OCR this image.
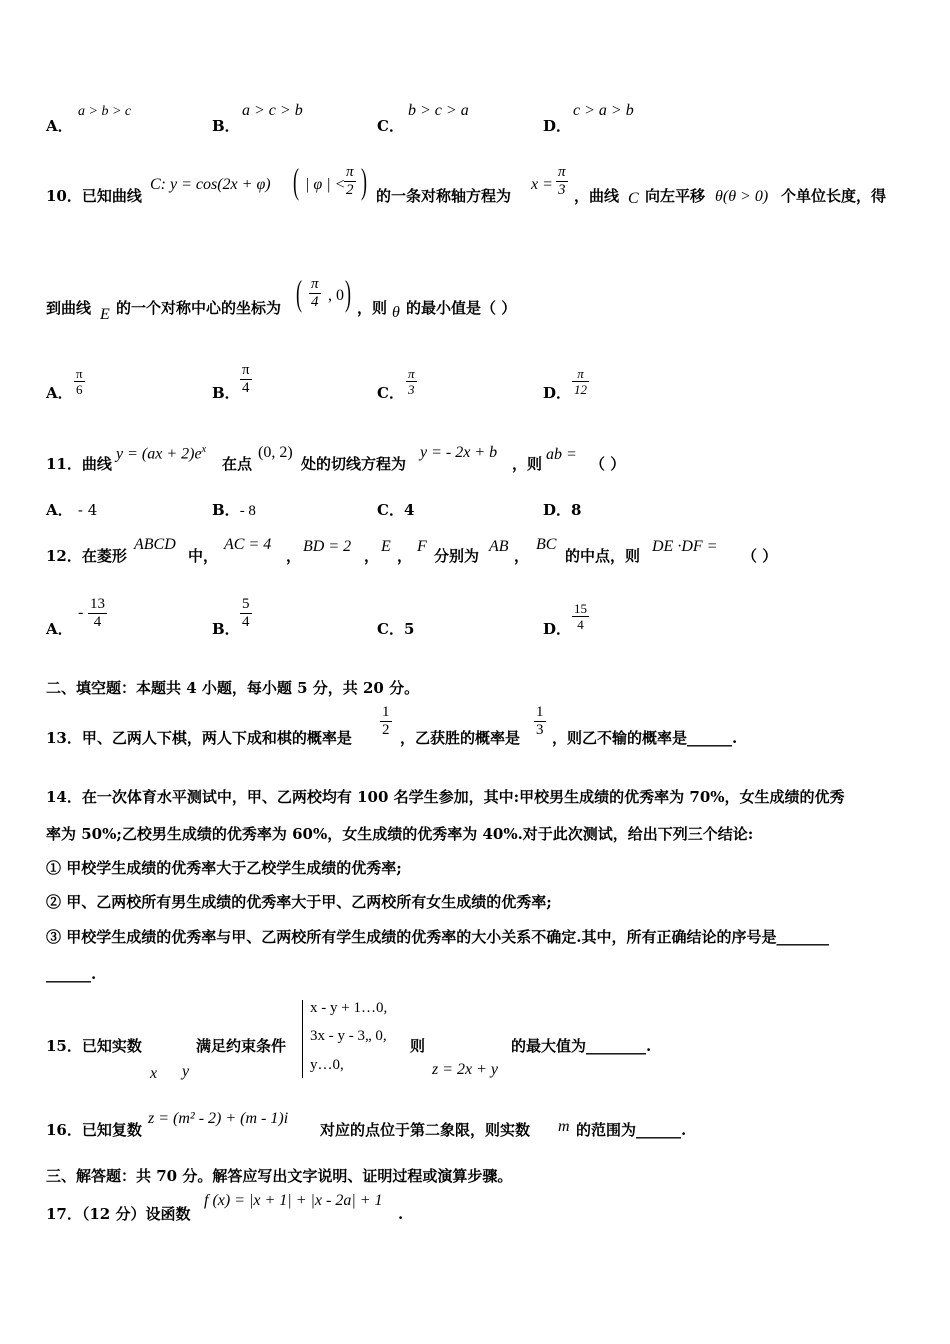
A．
a > b > c
B．
a > c > b
C．
b > c > a
D．
c > a > b
10．已知曲线
C: y = cos(2x + φ) ( | φ | <
$\frac{\pi}{2}$ ) 的一条对称轴方程为
$x = \frac{\pi}{3}$ ，曲线 C 向左平移 θ(θ > 0) 个单位长度，得
到曲线 E 的一个对称中心的坐标为 ( $\frac{\pi}{4}$ , 0 ) ，则 θ 的最小值是（ ）
A． $\frac{\pi}{6}$	B． $\frac{\pi}{4}$	C． $\frac{\pi}{3}$	D． $\frac{\pi}{12}$
11．曲线
$y = (ax + 2)e^x$
在点
(0, 2)
处的切线方程为
y = - 2x + b
，则
ab =
（ ）
A． - 4	B．- 8	C．4	D．8
12．在菱形
ABCD
中，
AC = 4
，
BD = 2
，
E
，
F
分别为
AB
，
BC
的中点，则
DE ·DF =
（ ）
A．
- $\frac{13}{4}$	B． $\frac{5}{4}$	C．5	D． $\frac{15}{4}$
二、填空题：本题共 4 小题，每小题 5 分，共 20 分。
13．甲、乙两人下棋，两人下成和棋的概率是 $\frac{1}{2}$ ，乙获胜的概率是 $\frac{1}{3}$ ，则乙不输的概率是______.
14．在一次体育水平测试中，甲、乙两校均有 100 名学生参加，其中:甲校男生成绩的优秀率为 70%，女生成绩的优秀
率为 50%;乙校男生成绩的优秀率为 60%，女生成绩的优秀率为 40%.对于此次测试，给出下列三个结论:
① 甲校学生成绩的优秀率大于乙校学生成绩的优秀率;
② 甲、乙两校所有男生成绩的优秀率大于甲、乙两校所有女生成绩的优秀率;
③ 甲校学生成绩的优秀率与甲、乙两校所有学生成绩的优秀率的大小关系不确定.其中，所有正确结论的序号是_______
______.
15．已知实数
x y
满足约束条件
x - y + 1…0,
3x - y - 3„ 0,
y…0,
则
z = 2x + y
的最大值为________.
16．已知复数
z = (m² - 2) + (m - 1)i
对应的点位于第二象限，则实数 m 的范围为______.
三、解答题：共 70 分。解答应写出文字说明、证明过程或演算步骤。
17．（12 分）设函数
f (x) = |x + 1| + |x - 2a| + 1
.
